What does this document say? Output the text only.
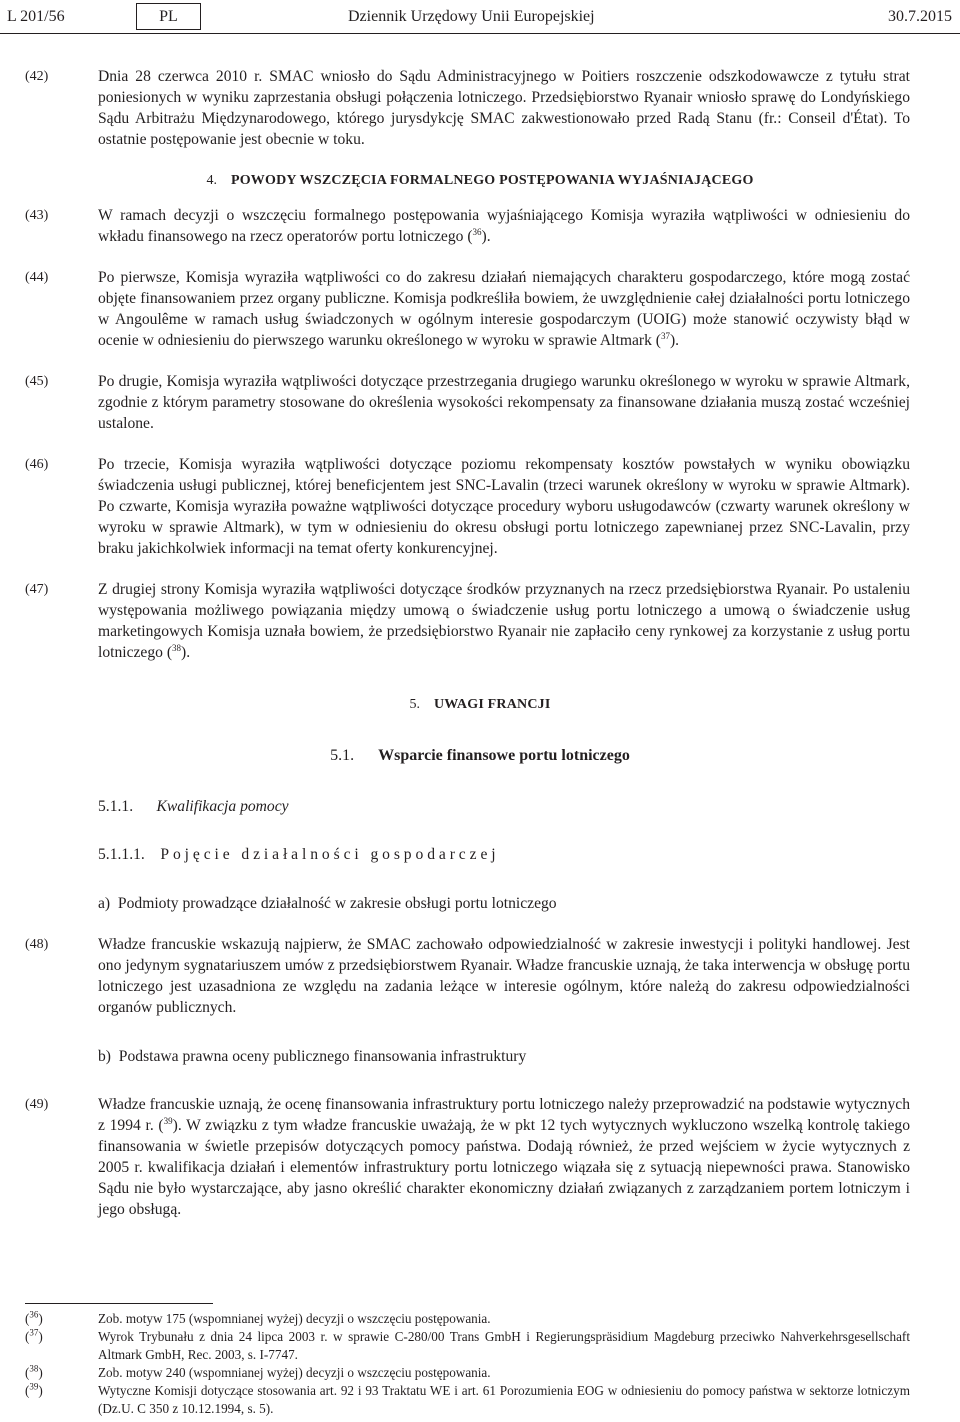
L 201/56	PL	Dziennik Urzędowy Unii Europejskiej	30.7.2015
(42)	Dnia 28 czerwca 2010 r. SMAC wniosło do Sądu Administracyjnego w Poitiers roszczenie odszkodowawcze z tytułu strat poniesionych w wyniku zaprzestania obsługi połączenia lotniczego. Przedsiębiorstwo Ryanair wniosło sprawę do Londyńskiego Sądu Arbitrażu Międzynarodowego, którego jurysdykcję SMAC zakwestionowało przed Radą Stanu (fr.: Conseil d'État). To ostatnie postępowanie jest obecnie w toku.
4. POWODY WSZCZĘCIA FORMALNEGO POSTĘPOWANIA WYJAŚNIAJĄCEGO
(43)	W ramach decyzji o wszczęciu formalnego postępowania wyjaśniającego Komisja wyraziła wątpliwości w odniesieniu do wkładu finansowego na rzecz operatorów portu lotniczego ($^{36}$).
(44)	Po pierwsze, Komisja wyraziła wątpliwości co do zakresu działań niemających charakteru gospodarczego, które mogą zostać objęte finansowaniem przez organy publiczne. Komisja podkreśliła bowiem, że uwzględnienie całej działalności portu lotniczego w Angoulême w ramach usług świadczonych w ogólnym interesie gospodarczym (UOIG) może stanowić oczywisty błąd w ocenie w odniesieniu do pierwszego warunku określonego w wyroku w sprawie Altmark ($^{37}$).
(45)	Po drugie, Komisja wyraziła wątpliwości dotyczące przestrzegania drugiego warunku określonego w wyroku w sprawie Altmark, zgodnie z którym parametry stosowane do określenia wysokości rekompensaty za finansowane działania muszą zostać wcześniej ustalone.
(46)	Po trzecie, Komisja wyraziła wątpliwości dotyczące poziomu rekompensaty kosztów powstałych w wyniku obowiązku świadczenia usługi publicznej, której beneficjentem jest SNC-Lavalin (trzeci warunek określony w wyroku w sprawie Altmark). Po czwarte, Komisja wyraziła poważne wątpliwości dotyczące procedury wyboru usługodawców (czwarty warunek określony w wyroku w sprawie Altmark), w tym w odniesieniu do okresu obsługi portu lotniczego zapewnianej przez SNC-Lavalin, przy braku jakichkolwiek informacji na temat oferty konkurencyjnej.
(47)	Z drugiej strony Komisja wyraziła wątpliwości dotyczące środków przyznanych na rzecz przedsiębiorstwa Ryanair. Po ustaleniu występowania możliwego powiązania między umową o świadczenie usług portu lotniczego a umową o świadczenie usług marketingowych Komisja uznała bowiem, że przedsiębiorstwo Ryanair nie zapłaciło ceny rynkowej za korzystanie z usług portu lotniczego ($^{38}$).
5. UWAGI FRANCJI
5.1. Wsparcie finansowe portu lotniczego
5.1.1. Kwalifikacja pomocy
5.1.1.1. Pojęcie działalności gospodarczej
a) Podmioty prowadzące działalność w zakresie obsługi portu lotniczego
(48)	Władze francuskie wskazują najpierw, że SMAC zachowało odpowiedzialność w zakresie inwestycji i polityki handlowej. Jest ono jedynym sygnatariuszem umów z przedsiębiorstwem Ryanair. Władze francuskie uznają, że taka interwencja w obsługę portu lotniczego jest uzasadniona ze względu na zadania leżące w interesie ogólnym, które należą do zakresu odpowiedzialności organów publicznych.
b) Podstawa prawna oceny publicznego finansowania infrastruktury
(49)	Władze francuskie uznają, że ocenę finansowania infrastruktury portu lotniczego należy przeprowadzić na podstawie wytycznych z 1994 r. ($^{39}$). W związku z tym władze francuskie uważają, że w pkt 12 tych wytycznych wykluczono wszelką kontrolę takiego finansowania w świetle przepisów dotyczących pomocy państwa. Dodają również, że przed wejściem w życie wytycznych z 2005 r. kwalifikacja działań i elementów infrastruktury portu lotniczego wiązała się z sytuacją niepewności prawa. Stanowisko Sądu nie było wystarczające, aby jasno określić charakter ekonomiczny działań związanych z zarządzaniem portem lotniczym i jego obsługą.
($^{36}$)	Zob. motyw 175 (wspomnianej wyżej) decyzji o wszczęciu postępowania.
($^{37}$)	Wyrok Trybunału z dnia 24 lipca 2003 r. w sprawie C-280/00 Trans GmbH i Regierungspräsidium Magdeburg przeciwko Nahverkehrsgesellschaft Altmark GmbH, Rec. 2003, s. I-7747.
($^{38}$)	Zob. motyw 240 (wspomnianej wyżej) decyzji o wszczęciu postępowania.
($^{39}$)	Wytyczne Komisji dotyczące stosowania art. 92 i 93 Traktatu WE i art. 61 Porozumienia EOG w odniesieniu do pomocy państwa w sektorze lotniczym (Dz.U. C 350 z 10.12.1994, s. 5).
